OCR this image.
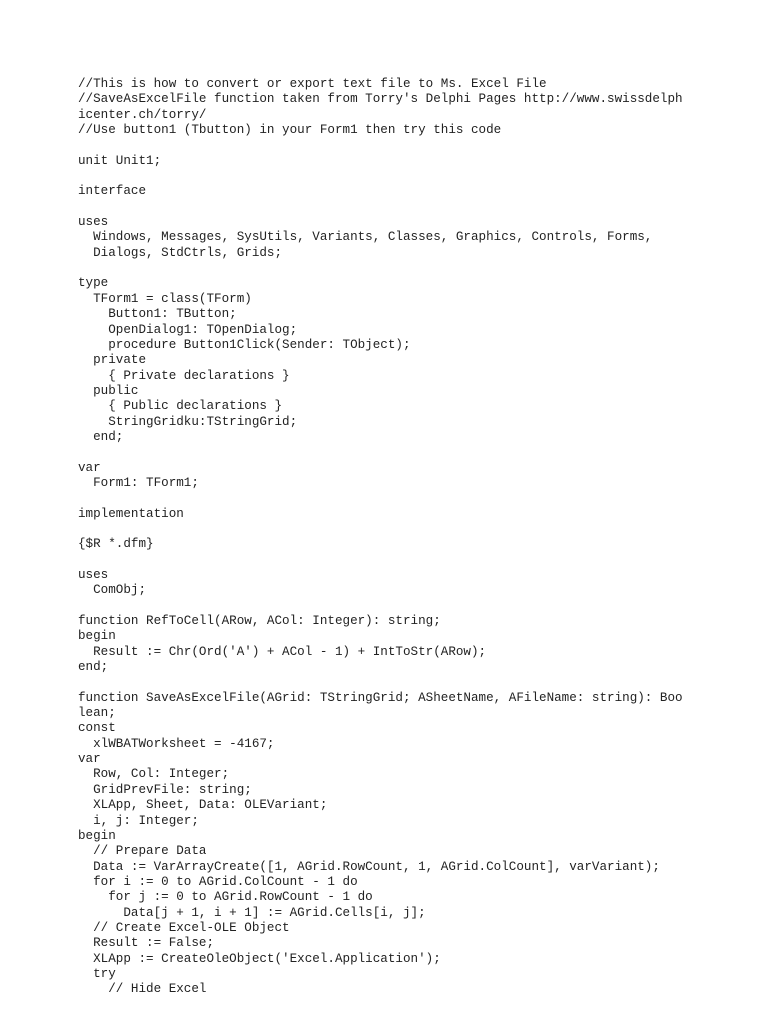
//This is how to convert or export text file to Ms. Excel File
//SaveAsExcelFile function taken from Torry's Delphi Pages http://www.swissdelph
icenter.ch/torry/
//Use button1 (Tbutton) in your Form1 then try this code
unit Unit1;
interface
uses
Windows, Messages, SysUtils, Variants, Classes, Graphics, Controls, Forms,
Dialogs, StdCtrls, Grids;
type
TForm1 = class(TForm)
Button1: TButton;
OpenDialog1: TOpenDialog;
procedure Button1Click(Sender: TObject);
private
{ Private declarations }
public
{ Public declarations }
StringGridku:TStringGrid;
end;
var
Form1: TForm1;
implementation
{$R *.dfm}
uses
ComObj;
function RefToCell(ARow, ACol: Integer): string;
begin
Result := Chr(Ord('A') + ACol - 1) + IntToStr(ARow);
end;
function SaveAsExcelFile(AGrid: TStringGrid; ASheetName, AFileName: string): Boo
lean;
const
xlWBATWorksheet = -4167;
var
Row, Col: Integer;
GridPrevFile: string;
XLApp, Sheet, Data: OLEVariant;
i, j: Integer;
begin
// Prepare Data
Data := VarArrayCreate([1, AGrid.RowCount, 1, AGrid.ColCount], varVariant);
for i := 0 to AGrid.ColCount - 1 do
for j := 0 to AGrid.RowCount - 1 do
Data[j + 1, i + 1] := AGrid.Cells[i, j];
// Create Excel-OLE Object
Result := False;
XLApp := CreateOleObject('Excel.Application');
try
// Hide Excel
